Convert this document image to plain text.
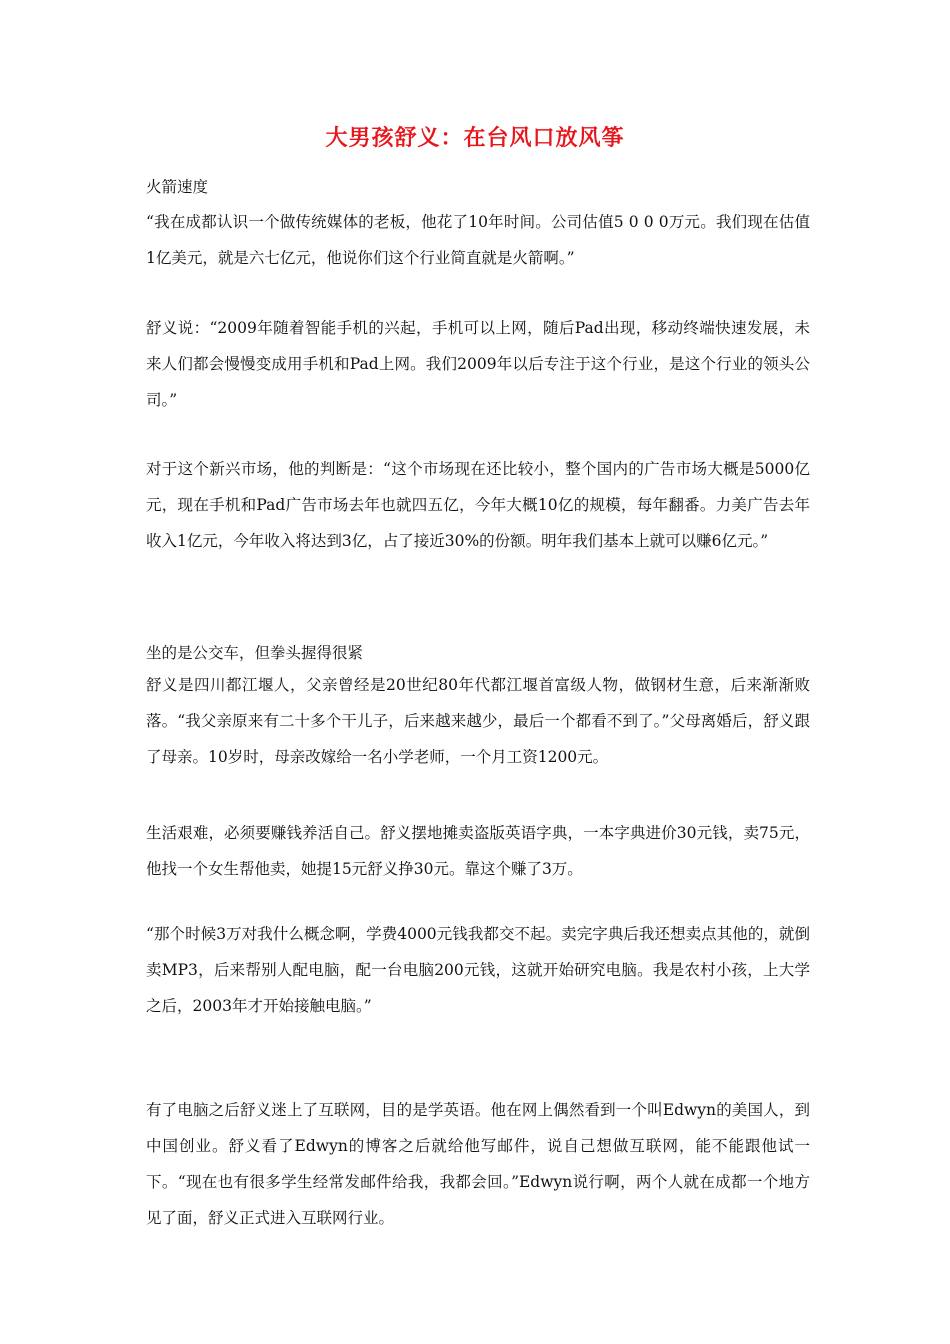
大男孩舒义：在台风口放风筝
火箭速度
“我在成都认识一个做传统媒体的老板，他花了10年时间。公司估值5 0 0 0万元。我们现在估值1亿美元，就是六七亿元，他说你们这个行业简直就是火箭啊。”
舒义说：“2009年随着智能手机的兴起，手机可以上网，随后Pad出现，移动终端快速发展，未来人们都会慢慢变成用手机和Pad上网。我们2009年以后专注于这个行业，是这个行业的领头公司。”
对于这个新兴市场，他的判断是：“这个市场现在还比较小，整个国内的广告市场大概是5000亿元，现在手机和Pad广告市场去年也就四五亿，今年大概10亿的规模，每年翻番。力美广告去年收入1亿元，今年收入将达到3亿，占了接近30%的份额。明年我们基本上就可以赚6亿元。”
坐的是公交车，但拳头握得很紧
舒义是四川都江堰人，父亲曾经是20世纪80年代都江堰首富级人物，做钢材生意，后来渐渐败落。“我父亲原来有二十多个干儿子，后来越来越少，最后一个都看不到了。”父母离婚后，舒义跟了母亲。10岁时，母亲改嫁给一名小学老师，一个月工资1200元。
生活艰难，必须要赚钱养活自己。舒义摆地摊卖盗版英语字典，一本字典进价30元钱，卖75元，他找一个女生帮他卖，她提15元舒义挣30元。靠这个赚了3万。
“那个时候3万对我什么概念啊，学费4000元钱我都交不起。卖完字典后我还想卖点其他的，就倒卖MP3，后来帮别人配电脑，配一台电脑200元钱，这就开始研究电脑。我是农村小孩，上大学之后，2003年才开始接触电脑。”
有了电脑之后舒义迷上了互联网，目的是学英语。他在网上偶然看到一个叫Edwyn的美国人，到中国创业。舒义看了Edwyn的博客之后就给他写邮件，说自己想做互联网，能不能跟他试一下。“现在也有很多学生经常发邮件给我，我都会回。”Edwyn说行啊，两个人就在成都一个地方见了面，舒义正式进入互联网行业。
